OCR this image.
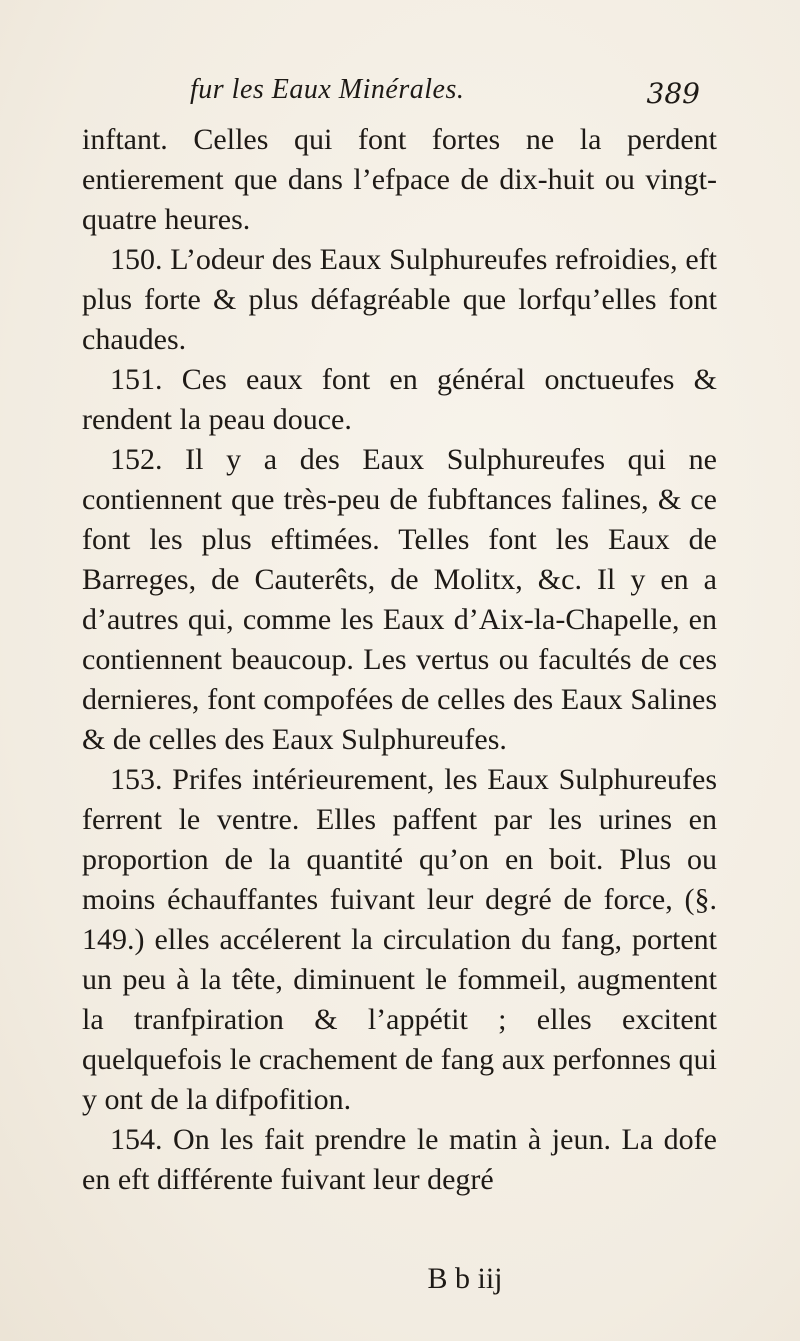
fur les Eaux Minérales.	389

inftant. Celles qui font fortes ne la perdent entierement que dans l’efpace de dix-huit ou vingt-quatre heures.

150. L’odeur des Eaux Sulphureufes refroidies, eft plus forte & plus défagréable que lorfqu’elles font chaudes.

151. Ces eaux font en général onctueufes & rendent la peau douce.

152. Il y a des Eaux Sulphureufes qui ne contiennent que très-peu de fubftances falines, & ce font les plus eftimées. Telles font les Eaux de Barreges, de Cauterêts, de Molitx, &c. Il y en a d’autres qui, comme les Eaux d’Aix-la-Chapelle, en contiennent beaucoup. Les vertus ou facultés de ces dernieres, font compofées de celles des Eaux Salines & de celles des Eaux Sulphureufes.

153. Prifes intérieurement, les Eaux Sulphureufes ferrent le ventre. Elles paffent par les urines en proportion de la quantité qu’on en boit. Plus ou moins échauffantes fuivant leur degré de force, (§. 149.) elles accélerent la circulation du fang, portent un peu à la tête, diminuent le fommeil, augmentent la tranfpiration & l’appétit ; elles excitent quelquefois le crachement de fang aux perfonnes qui y ont de la difpofition.

154. On les fait prendre le matin à jeun. La dofe en eft différente fuivant leur degré

B b iij
